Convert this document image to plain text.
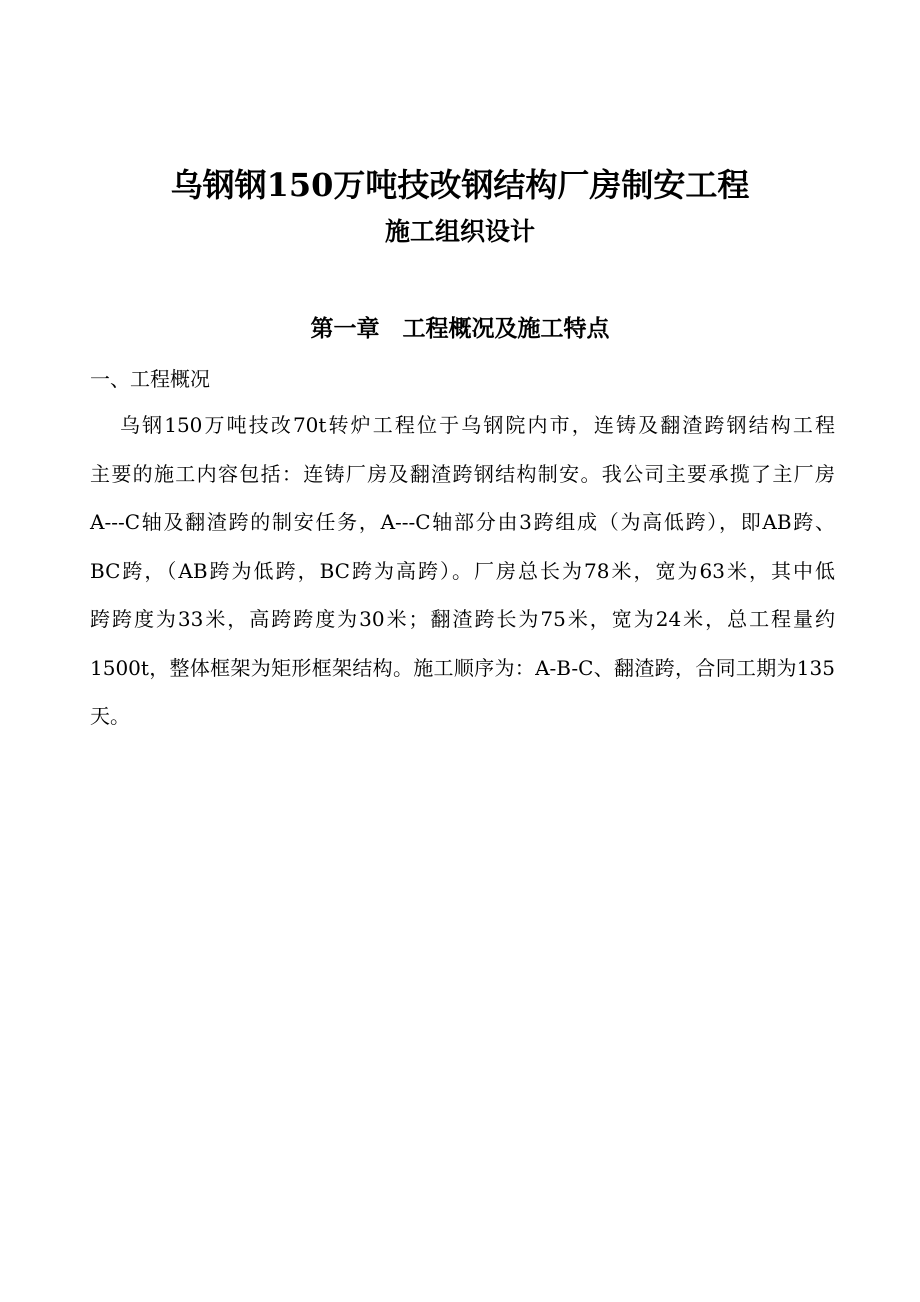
乌钢钢150万吨技改钢结构厂房制安工程
施工组织设计
第一章　工程概况及施工特点
一、工程概况
乌钢150万吨技改70t转炉工程位于乌钢院内市，连铸及翻渣跨钢结构工程
主要的施工内容包括：连铸厂房及翻渣跨钢结构制安。我公司主要承揽了主厂房
A---C轴及翻渣跨的制安任务，A---C轴部分由3跨组成（为高低跨），即AB跨、
BC跨，（AB跨为低跨，BC跨为高跨）。厂房总长为78米，宽为63米，其中低
跨跨度为33米，高跨跨度为30米；翻渣跨长为75米，宽为24米，总工程量约
1500t，整体框架为矩形框架结构。施工顺序为：A-B-C、翻渣跨，合同工期为135
天。
